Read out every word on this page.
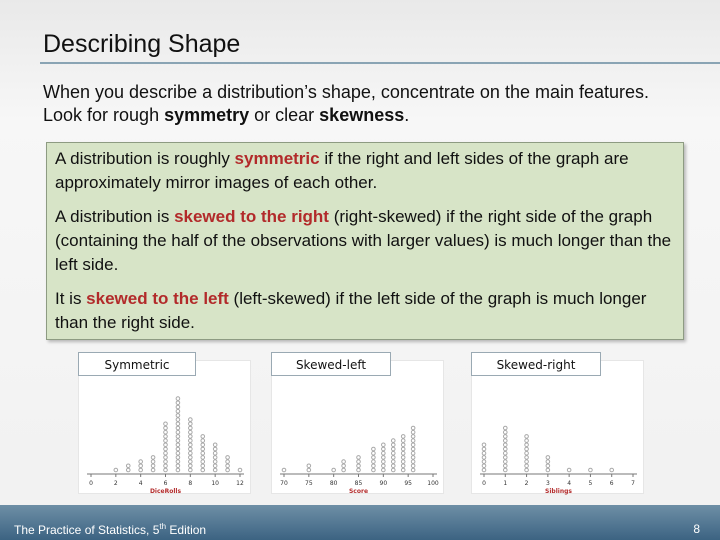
Describing Shape
When you describe a distribution’s shape, concentrate on the main features. Look for rough symmetry or clear skewness.
A distribution is roughly symmetric if the right and left sides of the graph are approximately mirror images of each other.
A distribution is skewed to the right (right-skewed) if the right side of the graph (containing the half of the observations with larger values) is much longer than the left side.
It is skewed to the left (left-skewed) if the left side of the graph is much longer than the right side.
Symmetric	Skewed-left	Skewed-right
0	2	4	6	8	10	12
DiceRolls
70	75	80	85	90	95	100
Score
0	1	2	3	4	5	6	7
Siblings
The Practice of Statistics, 5th Edition	8
